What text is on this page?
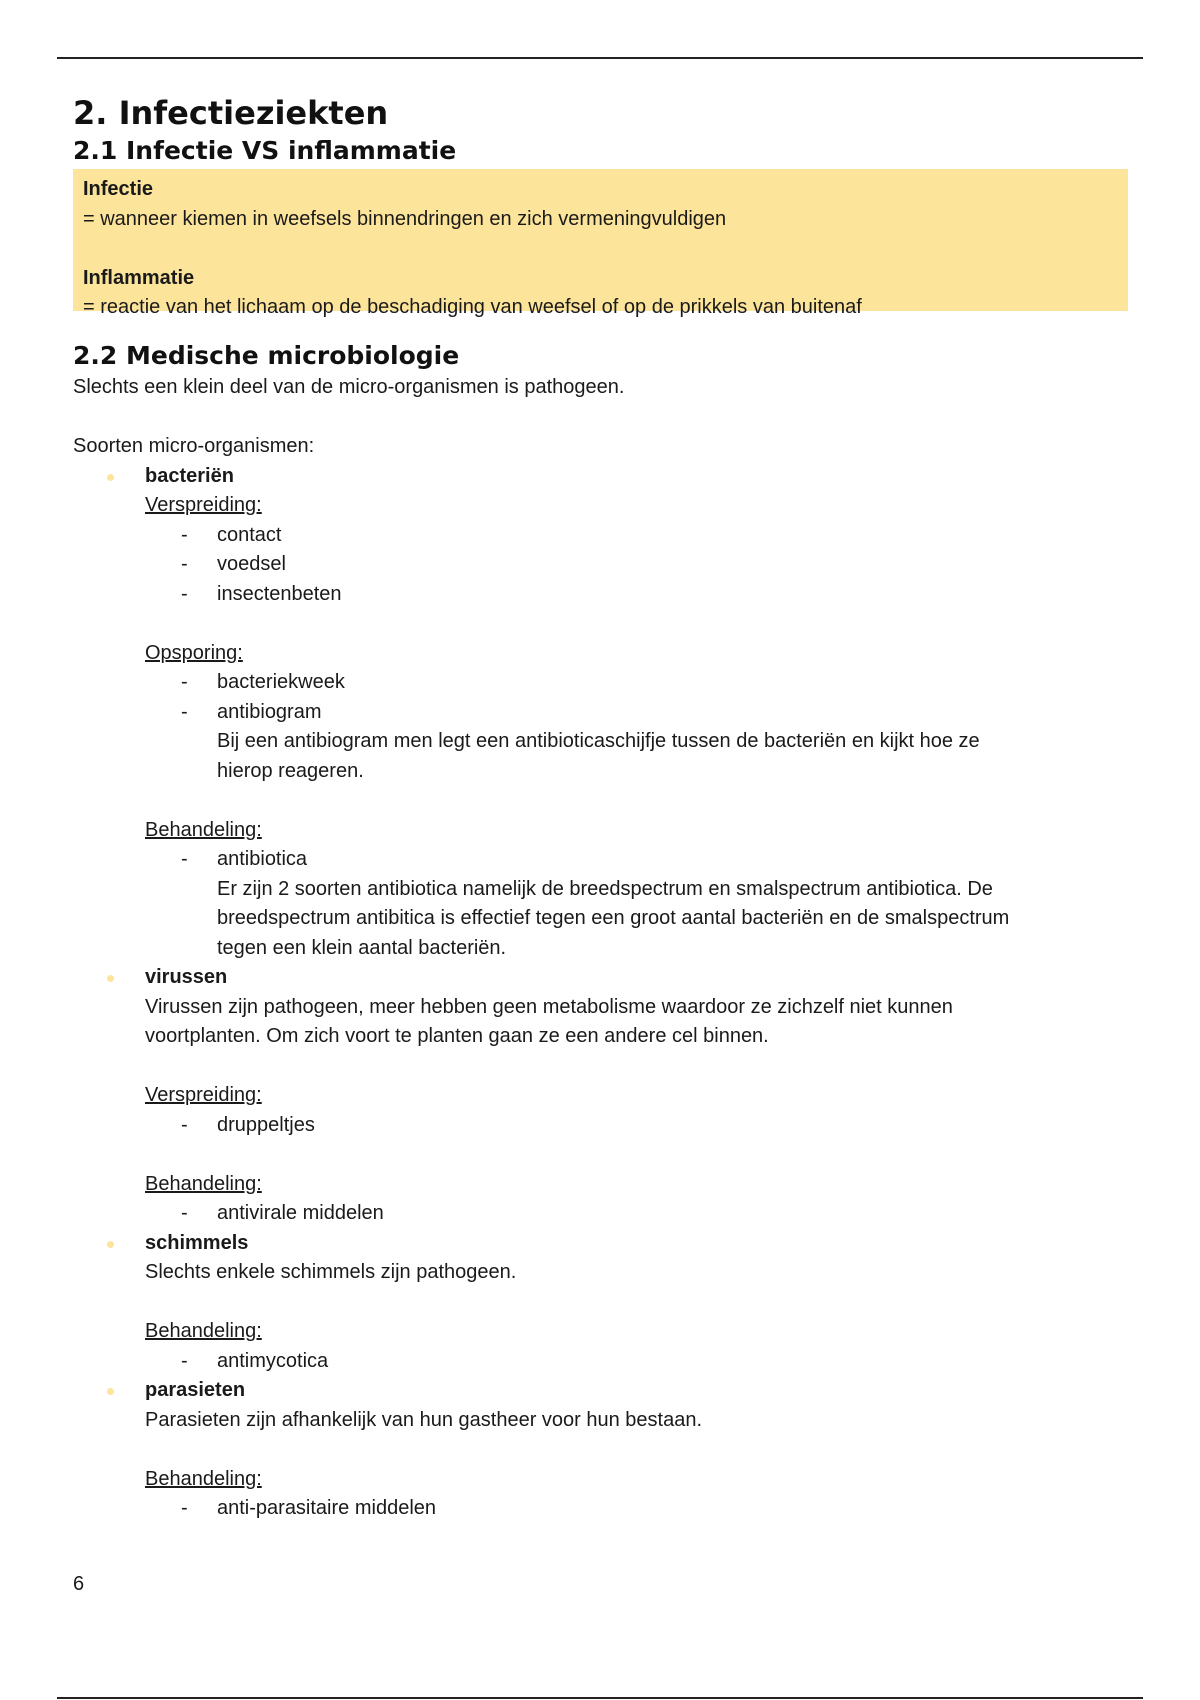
2. Infectieziekten
2.1 Infectie VS inflammatie

Infectie

= wanneer kiemen in weefsels binnendringen en zich vermeningvuldigen

Inflammatie

= reactie van het lichaam op de beschadiging van weefsel of op de prikkels van buitenaf

2.2 Medische microbiologie

Slechts een klein deel van de micro-organismen is pathogeen.

Soorten micro-organismen:

bacteriën

Verspreiding:

- contact

- voedsel

- insectenbeten

Opsporing:

- bacteriekweek

- antibiogram

Bij een antibiogram men legt een antibioticaschijfje tussen de bacteriën en kijkt hoe ze

hierop reageren.

Behandeling:

- antibiotica

Er zijn 2 soorten antibiotica namelijk de breedspectrum en smalspectrum antibiotica. De

breedspectrum antibitica is effectief tegen een groot aantal bacteriën en de smalspectrum

tegen een klein aantal bacteriën.

virussen

Virussen zijn pathogeen, meer hebben geen metabolisme waardoor ze zichzelf niet kunnen

voortplanten. Om zich voort te planten gaan ze een andere cel binnen.

Verspreiding:

- druppeltjes

Behandeling:

- antivirale middelen

schimmels

Slechts enkele schimmels zijn pathogeen.

Behandeling:

- antimycotica

parasieten

Parasieten zijn afhankelijk van hun gastheer voor hun bestaan.

Behandeling:

- anti-parasitaire middelen

6
